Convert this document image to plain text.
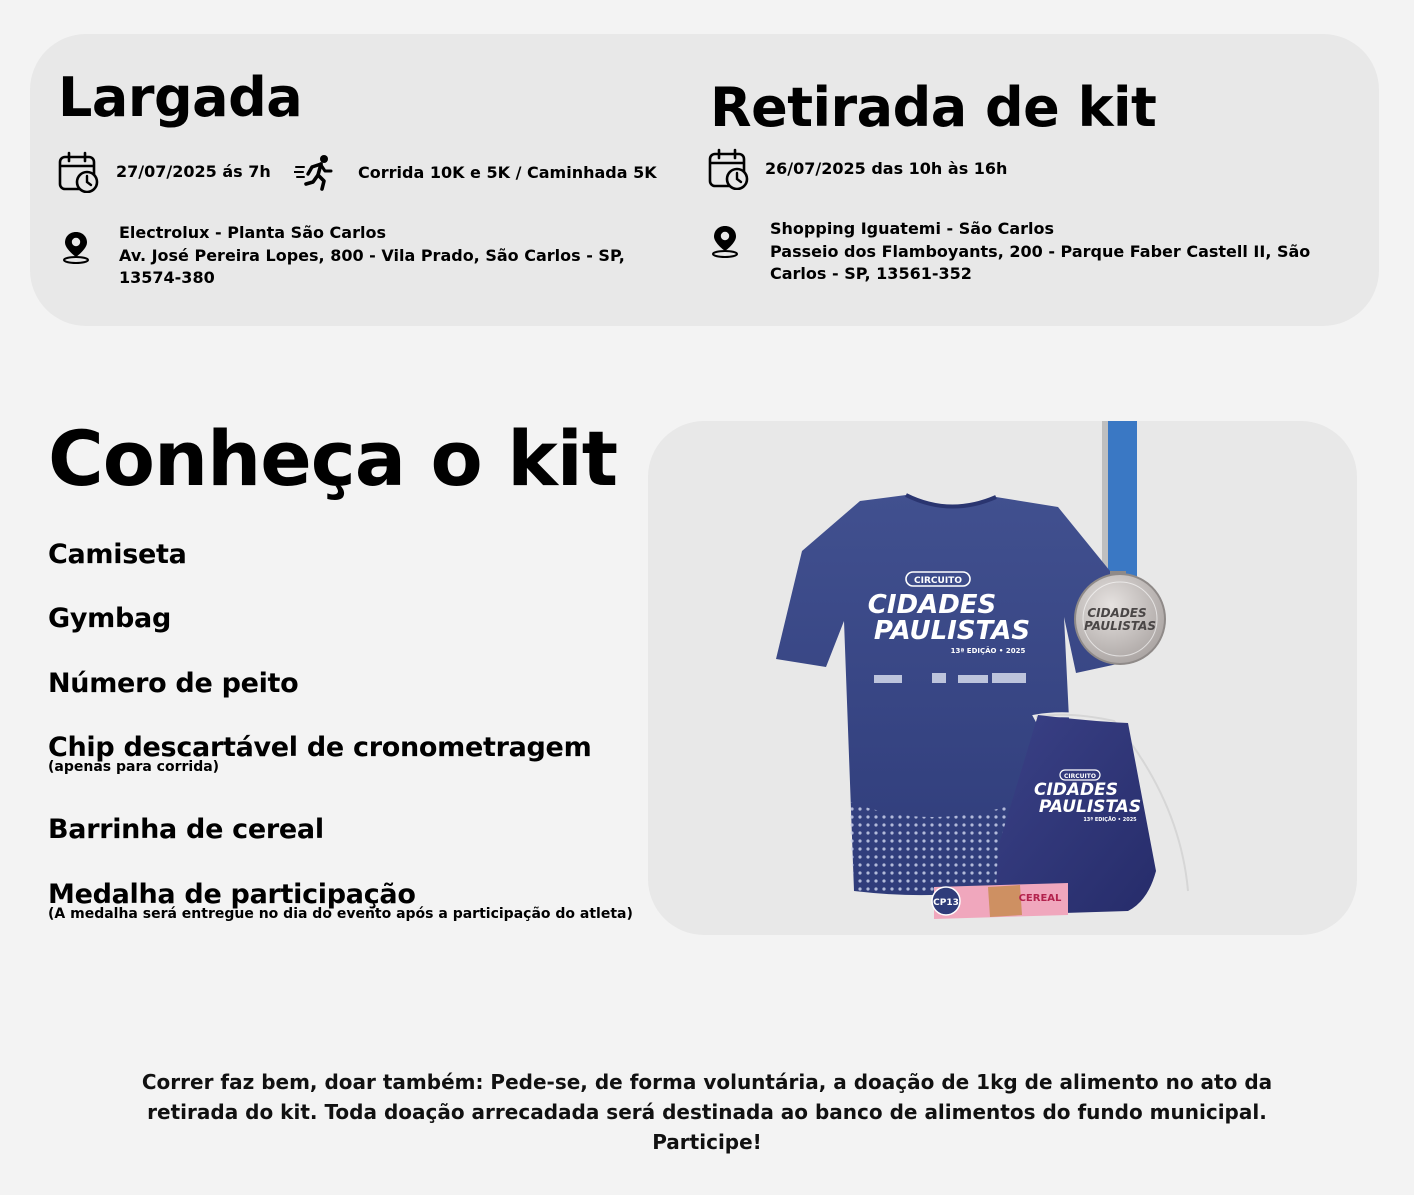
Largada
27/07/2025 ás 7h	Corrida 10K e 5K / Caminhada 5K
Electrolux - Planta São Carlos
Av. José Pereira Lopes, 800 - Vila Prado, São Carlos - SP, 13574-380
Retirada de kit
26/07/2025 das 10h às 16h
Shopping Iguatemi - São Carlos
Passeio dos Flamboyants, 200 - Parque Faber Castell II, São Carlos - SP, 13561-352
Conheça o kit
Camiseta
Gymbag
Número de peito
Chip descartável de cronometragem
(apenas para corrida)
Barrinha de cereal
Medalha de participação
(A medalha será entregue no dia do evento após a participação do atleta)
CIRCUITO
CIDADES
PAULISTAS
13ª EDIÇÃO • 2025
CIDADES
PAULISTAS
CIRCUITO
CIDADES
PAULISTAS
13ª EDIÇÃO • 2025
CP13	CEREAL
Correr faz bem, doar também: Pede-se, de forma voluntária, a doação de 1kg de alimento no ato da retirada do kit. Toda doação arrecadada será destinada ao banco de alimentos do fundo municipal. Participe!
